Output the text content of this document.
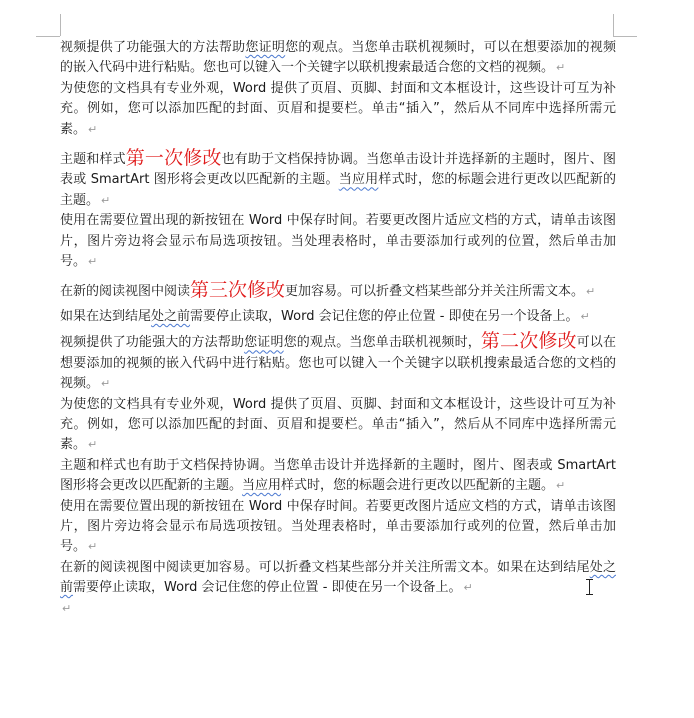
视频提供了功能强大的方法帮助您证明您的观点。当您单击联机视频时，可以在想要添加的视频的嵌入代码中进行粘贴。您也可以键入一个关键字以联机搜索最适合您的文档的视频。 ↵

为使您的文档具有专业外观，Word 提供了页眉、页脚、封面和文本框设计，这些设计可互为补充。例如，您可以添加匹配的封面、页眉和提要栏。单击“插入”，然后从不同库中选择所需元素。 ↵

主题和样式第一次修改也有助于文档保持协调。当您单击设计并选择新的主题时，图片、图表或 SmartArt 图形将会更改以匹配新的主题。当应用样式时，您的标题会进行更改以匹配新的主题。 ↵

使用在需要位置出现的新按钮在 Word 中保存时间。若要更改图片适应文档的方式，请单击该图片，图片旁边将会显示布局选项按钮。当处理表格时，单击要添加行或列的位置，然后单击加号。 ↵

在新的阅读视图中阅读第三次修改更加容易。可以折叠文档某些部分并关注所需文本。 ↵

如果在达到结尾处之前需要停止读取，Word 会记住您的停止位置 - 即使在另一个设备上。 ↵

视频提供了功能强大的方法帮助您证明您的观点。当您单击联机视频时，第二次修改可以在想要添加的视频的嵌入代码中进行粘贴。您也可以键入一个关键字以联机搜索最适合您的文档的视频。 ↵

为使您的文档具有专业外观，Word 提供了页眉、页脚、封面和文本框设计，这些设计可互为补充。例如，您可以添加匹配的封面、页眉和提要栏。单击“插入”，然后从不同库中选择所需元素。 ↵

主题和样式也有助于文档保持协调。当您单击设计并选择新的主题时，图片、图表或 SmartArt 图形将会更改以匹配新的主题。当应用样式时，您的标题会进行更改以匹配新的主题。 ↵

使用在需要位置出现的新按钮在 Word 中保存时间。若要更改图片适应文档的方式，请单击该图片，图片旁边将会显示布局选项按钮。当处理表格时，单击要添加行或列的位置，然后单击加号。 ↵

在新的阅读视图中阅读更加容易。可以折叠文档某些部分并关注所需文本。如果在达到结尾处之前需要停止读取，Word 会记住您的停止位置 - 即使在另一个设备上。 ↵

↵
